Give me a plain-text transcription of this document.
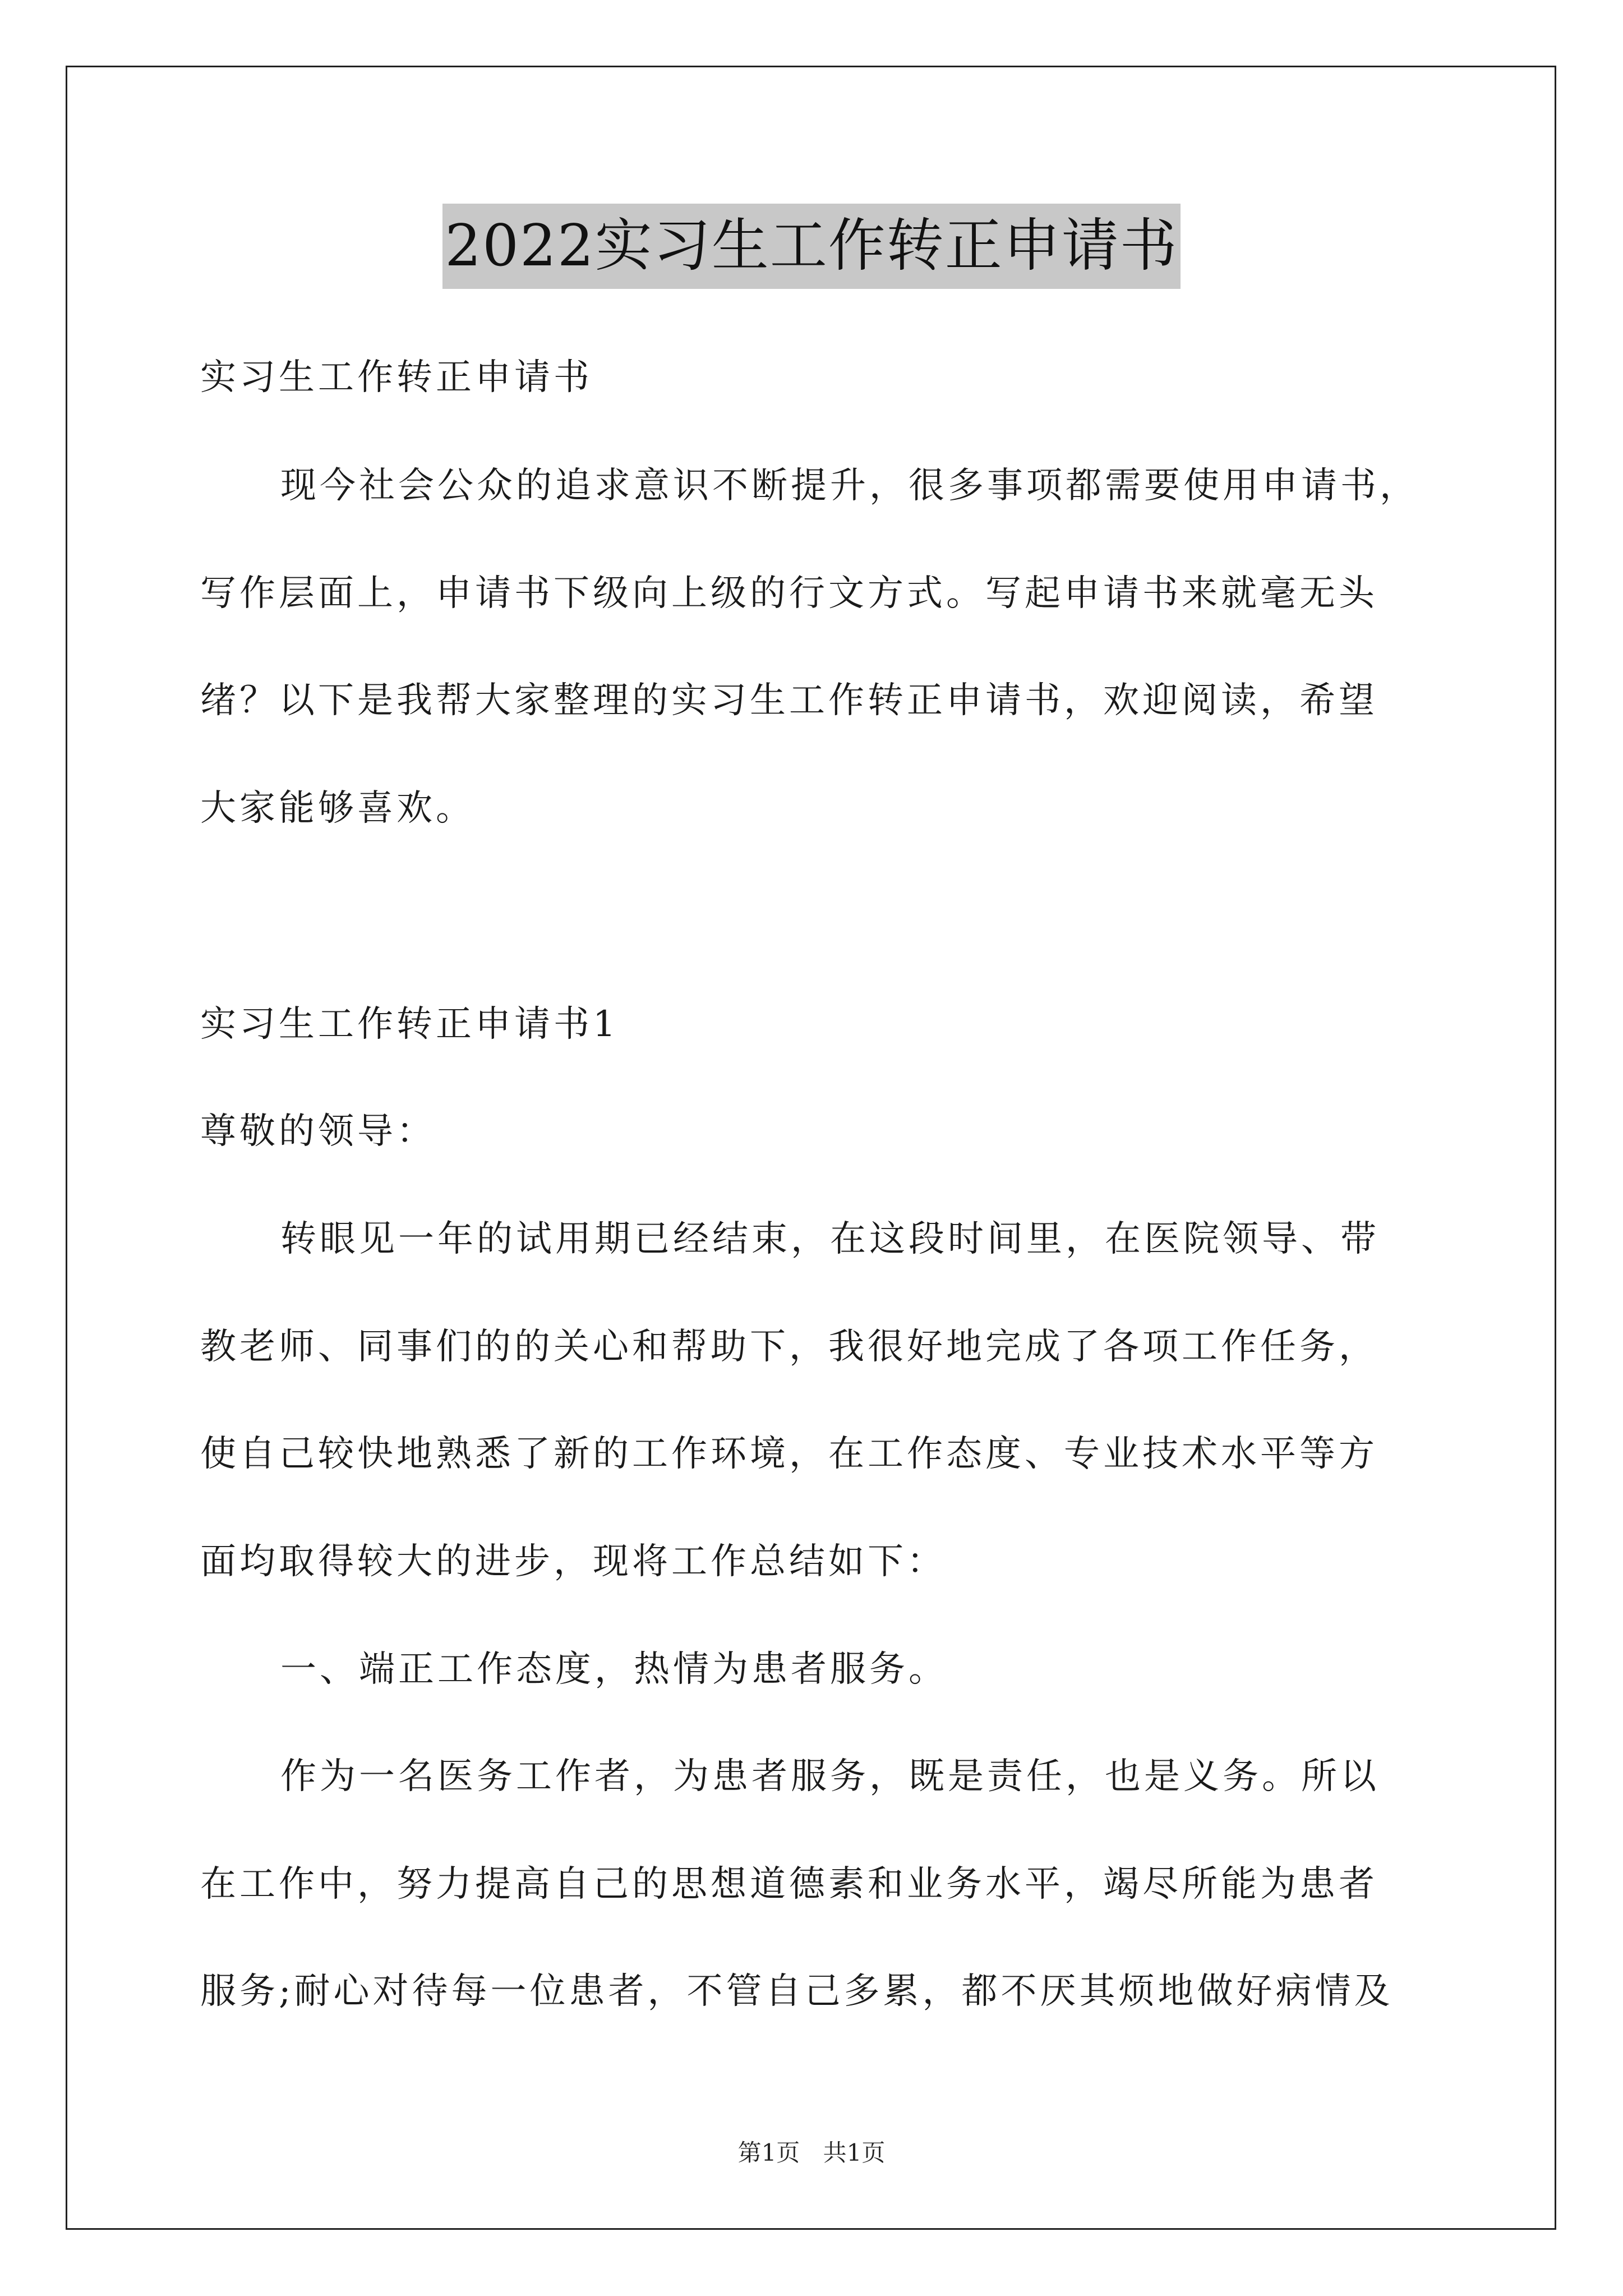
2022实习生工作转正申请书
实习生工作转正申请书
现今社会公众的追求意识不断提升，很多事项都需要使用申请书，
写作层面上，申请书下级向上级的行文方式。写起申请书来就毫无头
绪？以下是我帮大家整理的实习生工作转正申请书，欢迎阅读，希望
大家能够喜欢。
实习生工作转正申请书1
尊敬的领导：
转眼见一年的试用期已经结束，在这段时间里，在医院领导、带
教老师、同事们的的关心和帮助下，我很好地完成了各项工作任务，
使自己较快地熟悉了新的工作环境，在工作态度、专业技术水平等方
面均取得较大的进步，现将工作总结如下：
一、端正工作态度，热情为患者服务。
作为一名医务工作者，为患者服务，既是责任，也是义务。所以
在工作中，努力提高自己的思想道德素和业务水平，竭尽所能为患者
服务;耐心对待每一位患者，不管自己多累，都不厌其烦地做好病情及
第1页 共1页
